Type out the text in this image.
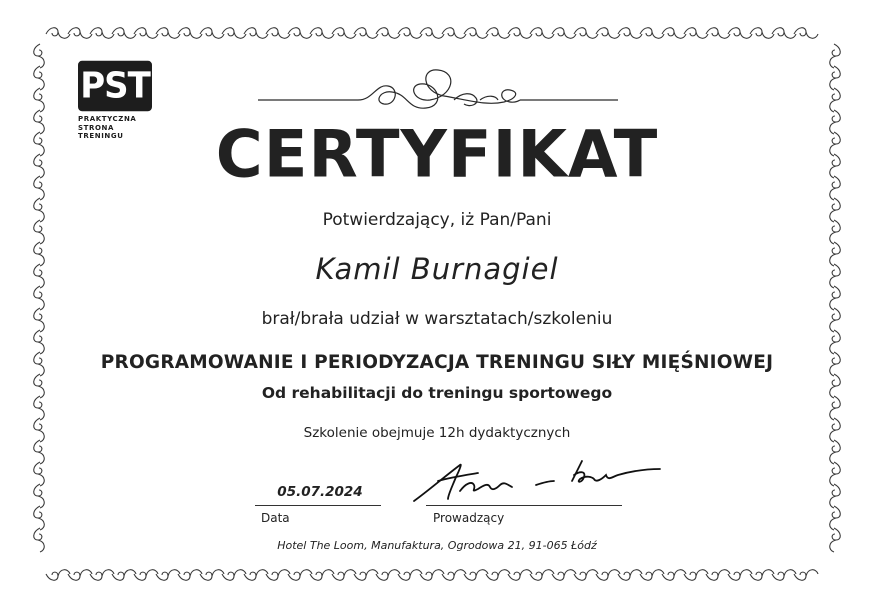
PST
PRAKTYCZNA
STRONA
TRENINGU	CERTYFIKAT
Potwierdzający, iż Pan/Pani
Kamil Burnagiel
brał/brała udział w warsztatach/szkoleniu
PROGRAMOWANIE I PERIODYZACJA TRENINGU SIŁY MIĘŚNIOWEJ
Od rehabilitacji do treningu sportowego
Szkolenie obejmuje 12h dydaktycznych
05.07.2024
Data	Prowadzący
Hotel The Loom, Manufaktura, Ogrodowa 21, 91-065 Łódź
